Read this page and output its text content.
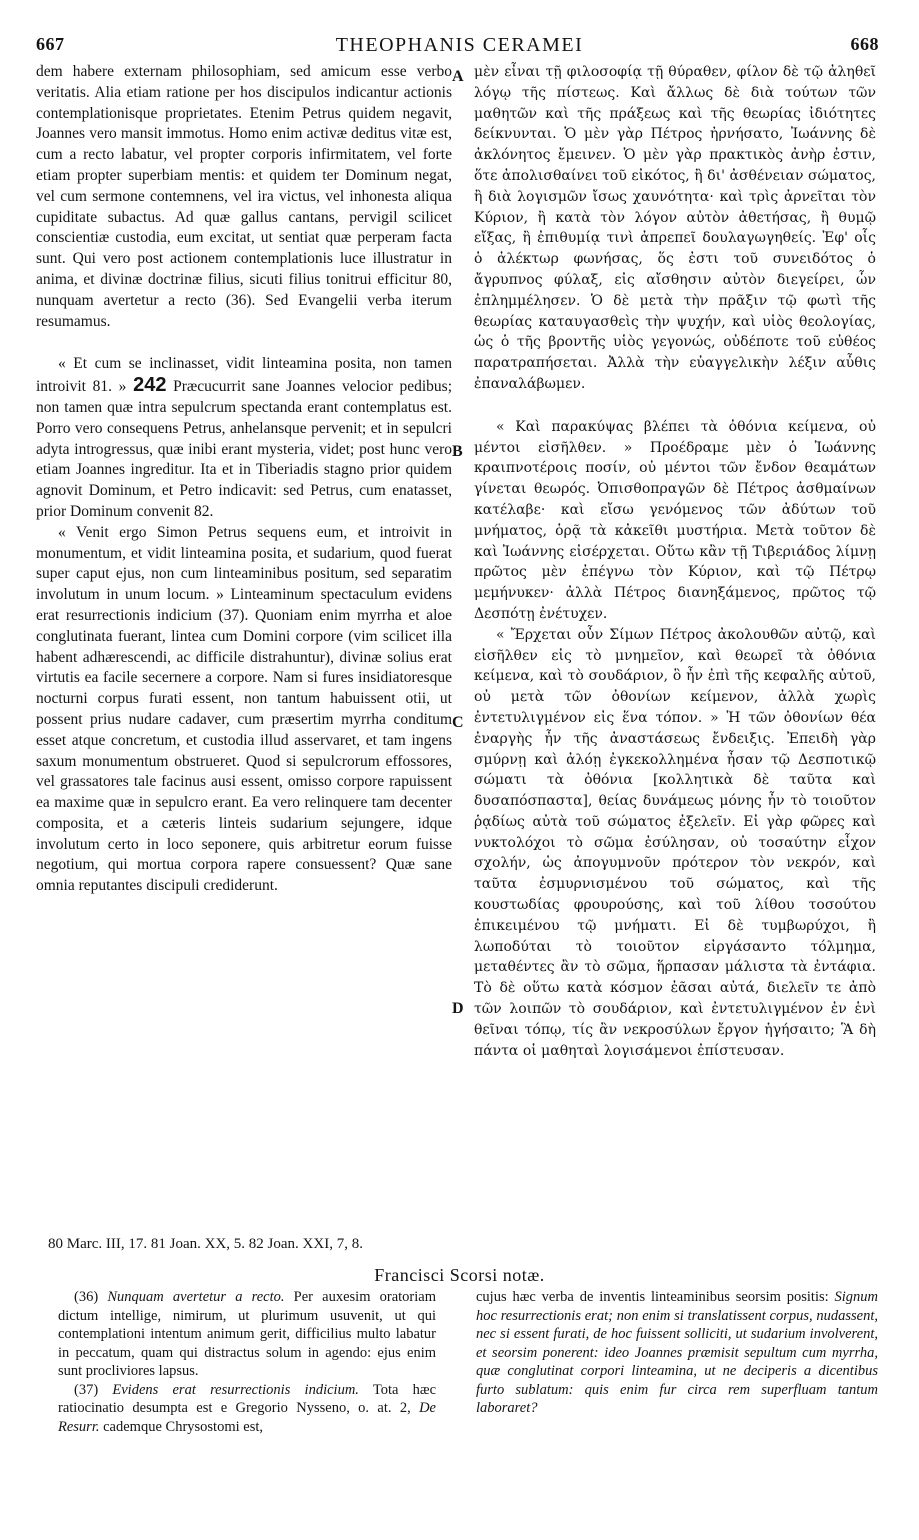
667	THEOPHANIS CERAMEI	668

dem habere externam philosophiam, sed amicum esse verbo veritatis. Alia etiam ratione per hos discipulos indicantur actionis contemplationisque proprietates. Etenim Petrus quidem negavit, Joannes vero mansit immotus. Homo enim activæ deditus vitæ est, cum a recto labatur, vel propter corporis infirmitatem, vel forte etiam propter superbiam mentis: et quidem ter Dominum negat, vel cum sermone contemnens, vel ira victus, vel inhonesta aliqua cupiditate subactus. Ad quæ gallus cantans, pervigil scilicet conscientiæ custodia, eum excitat, ut sentiat quæ perperam facta sunt. Qui vero post actionem contemplationis luce illustratur in anima, et divinæ doctrinæ filius, sicuti filius tonitrui efficitur 80, nunquam avertetur a recto (36). Sed Evangelii verba iterum resumamus.

« Et cum se inclinasset, vidit linteamina posita, non tamen introivit 81. » 242 Præcucurrit sane Joannes velocior pedibus; non tamen quæ intra sepulcrum spectanda erant contemplatus est. Porro vero consequens Petrus, anhelansque pervenit; et in sepulcri adyta introgressus, quæ inibi erant mysteria, videt; post hunc vero etiam Joannes ingreditur. Ita et in Tiberiadis stagno prior quidem agnovit Dominum, et Petro indicavit: sed Petrus, cum enatasset, prior Dominum convenit 82.

« Venit ergo Simon Petrus sequens eum, et introivit in monumentum, et vidit linteamina posita, et sudarium, quod fuerat super caput ejus, non cum linteaminibus positum, sed separatim involutum in unum locum. » Linteaminum spectaculum evidens erat resurrectionis indicium (37). Quoniam enim myrrha et aloe conglutinata fuerant, lintea cum Domini corpore (vim scilicet illa habent adhærescendi, ac difficile distrahuntur), divinæ solius erat virtutis ea facile secernere a corpore. Nam si fures insidiatoresque nocturni corpus furati essent, non tantum habuissent otii, ut possent prius nudare cadaver, cum præsertim myrrha conditum esset atque concretum, et custodia illud asservaret, et tam ingens saxum monumentum obstrueret. Quod si sepulcrorum effossores, vel grassatores tale facinus ausi essent, omisso corpore rapuissent ea maxime quæ in sepulcro erant. Ea vero relinquere tam decenter composita, et a cæteris linteis sudarium sejungere, idque involutum certo in loco seponere, quis arbitretur eorum fuisse negotium, qui mortua corpora rapere consuessent? Quæ sane omnia reputantes discipuli crediderunt.

μὲν εἶναι τῇ φιλοσοφίᾳ τῇ θύραθεν, φίλον δὲ τῷ ἀληθεῖ λόγῳ τῆς πίστεως. Καὶ ἄλλως δὲ διὰ τούτων τῶν μαθητῶν καὶ τῆς πράξεως καὶ τῆς θεωρίας ἰδιότητες δείκνυνται. Ὁ μὲν γὰρ Πέτρος ἠρνήσατο, Ἰωάννης δὲ ἀκλόνητος ἔμεινεν. Ὁ μὲν γὰρ πρακτικὸς ἀνὴρ ἐστιν, ὅτε ἀπολισθαίνει τοῦ εἰκότος, ἢ δι' ἀσθένειαν σώματος, ἢ διὰ λογισμῶν ἴσως χαυνότητα· καὶ τρὶς ἀρνεῖται τὸν Κύριον, ἢ κατὰ τὸν λόγον αὐτὸν ἀθετήσας, ἢ θυμῷ εἴξας, ἢ ἐπιθυμίᾳ τινὶ ἀπρεπεῖ δουλαγωγηθείς. Ἐφ' οἷς ὁ ἀλέκτωρ φωνήσας, ὅς ἐστι τοῦ συνειδότος ὁ ἄγρυπνος φύλαξ, εἰς αἴσθησιν αὐτὸν διεγείρει, ὧν ἐπλημμέλησεν. Ὁ δὲ μετὰ τὴν πρᾶξιν τῷ φωτὶ τῆς θεωρίας καταυγασθεὶς τὴν ψυχήν, καὶ υἱὸς θεολογίας, ὡς ὁ τῆς βροντῆς υἱὸς γεγονώς, οὐδέποτε τοῦ εὐθέος παρατραπήσεται. Ἀλλὰ τὴν εὐαγγελικὴν λέξιν αὖθις ἐπαναλάβωμεν.

« Καὶ παρακύψας βλέπει τὰ ὀθόνια κείμενα, οὐ μέντοι εἰσῆλθεν. » Προέδραμε μὲν ὁ Ἰωάννης κραιπνοτέροις ποσίν, οὐ μέντοι τῶν ἔνδον θεαμάτων γίνεται θεωρός. Ὀπισθοπραγῶν δὲ Πέτρος ἀσθμαίνων κατέλαβε· καὶ εἴσω γενόμενος τῶν ἀδύτων τοῦ μνήματος, ὁρᾷ τὰ κἀκεῖθι μυστήρια. Μετὰ τοῦτον δὲ καὶ Ἰωάννης εἰσέρχεται. Οὕτω κἂν τῇ Τιβεριάδος λίμνῃ πρῶτος μὲν ἐπέγνω τὸν Κύριον, καὶ τῷ Πέτρῳ μεμήνυκεν· ἀλλὰ Πέτρος διανηξάμενος, πρῶτος τῷ Δεσπότῃ ἐνέτυχεν.

« Ἔρχεται οὖν Σίμων Πέτρος ἀκολουθῶν αὐτῷ, καὶ εἰσῆλθεν εἰς τὸ μνημεῖον, καὶ θεωρεῖ τὰ ὀθόνια κείμενα, καὶ τὸ σουδάριον, ὃ ἦν ἐπὶ τῆς κεφαλῆς αὐτοῦ, οὐ μετὰ τῶν ὀθονίων κείμενον, ἀλλὰ χωρὶς ἐντετυλιγμένον εἰς ἕνα τόπον. » Ἡ τῶν ὀθονίων θέα ἐναργὴς ἦν τῆς ἀναστάσεως ἔνδειξις. Ἐπειδὴ γὰρ σμύρνῃ καὶ ἀλόῃ ἐγκεκολλημένα ἦσαν τῷ Δεσποτικῷ σώματι τὰ ὀθόνια [κολλητικὰ δὲ ταῦτα καὶ δυσαπόσπαστα], θείας δυνάμεως μόνης ἦν τὸ τοιοῦτον ῥᾳδίως αὐτὰ τοῦ σώματος ἐξελεῖν. Εἰ γὰρ φῶρες καὶ νυκτολόχοι τὸ σῶμα ἐσύλησαν, οὐ τοσαύτην εἶχον σχολήν, ὡς ἀπογυμνοῦν πρότερον τὸν νεκρόν, καὶ ταῦτα ἐσμυρνισμένου τοῦ σώματος, καὶ τῆς κουστωδίας φρουρούσης, καὶ τοῦ λίθου τοσούτου ἐπικειμένου τῷ μνήματι. Εἰ δὲ τυμβωρύχοι, ἢ λωποδύται τὸ τοιοῦτον εἰργάσαντο τόλμημα, μεταθέντες ἂν τὸ σῶμα, ἥρπασαν μάλιστα τὰ ἐντάφια. Τὸ δὲ οὕτω κατὰ κόσμον ἐᾶσαι αὐτά, διελεῖν τε ἀπὸ τῶν λοιπῶν τὸ σουδάριον, καὶ ἐντετυλιγμένον ἐν ἑνὶ θεῖναι τόπῳ, τίς ἂν νεκροσύλων ἔργον ἡγήσαιτο; Ἃ δὴ πάντα οἱ μαθηταὶ λογισάμενοι ἐπίστευσαν.

A
B
C
D
80 Marc. III, 17. 81 Joan. XX, 5. 82 Joan. XXI, 7, 8.
Francisci Scorsi notæ.

(36) Nunquam avertetur a recto. Per auxesim oratoriam dictum intellige, nimirum, ut plurimum usuvenit, ut qui contemplationi intentum animum gerit, difficilius multo labatur in peccatum, quam qui distractus solum in agendo: ejus enim sunt procliviores lapsus.

(37) Evidens erat resurrectionis indicium. Tota hæc ratiocinatio desumpta est e Gregorio Nysseno, o. at. 2, De Resurr. cademque Chrysostomi est,

cujus hæc verba de inventis linteaminibus seorsim positis: Signum hoc resurrectionis erat; non enim si translatissent corpus, nudassent, nec si essent furati, de hoc fuissent solliciti, ut sudarium involverent, et seorsim ponerent: ideo Joannes præmisit sepultum cum myrrha, quæ conglutinat corpori linteamina, ut ne deciperis a dicentibus furto sublatum: quis enim fur circa rem superfluam tantum laboraret?
